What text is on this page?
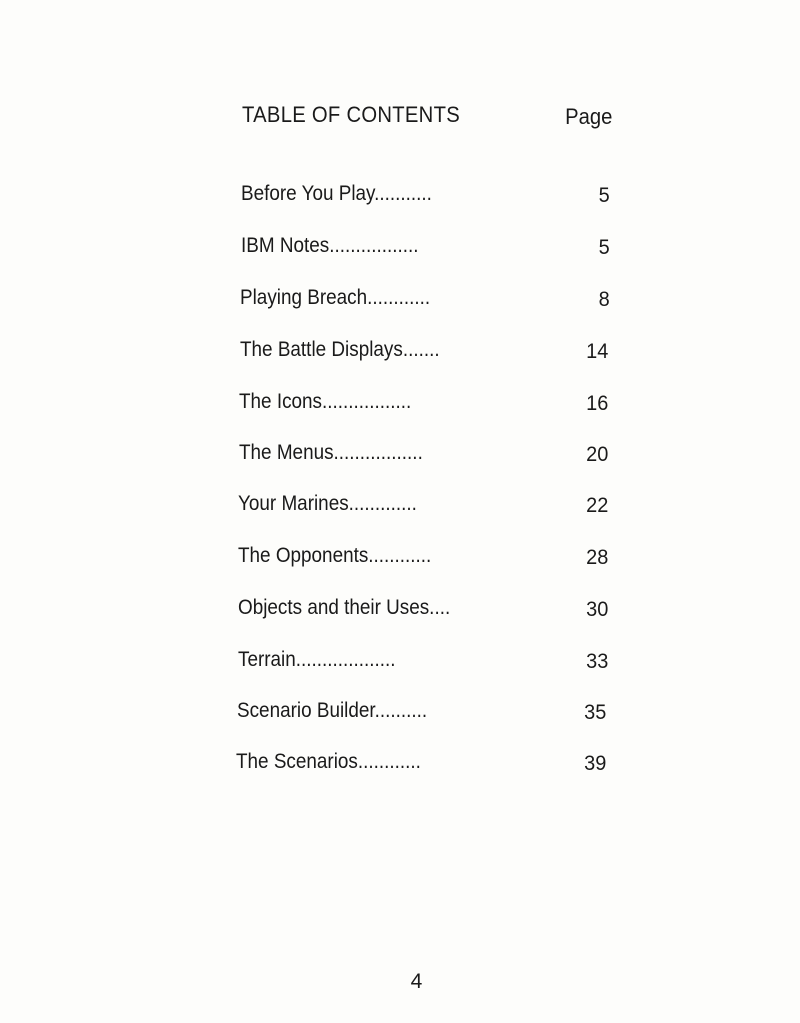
TABLE OF CONTENTS	Page
Before You Play...........	5
IBM Notes.................	5
Playing Breach............	8
The Battle Displays.......	14
The Icons.................	16
The Menus.................	20
Your Marines.............	22
The Opponents............	28
Objects and their Uses....	30
Terrain...................	33
Scenario Builder..........	35
The Scenarios............	39
4
